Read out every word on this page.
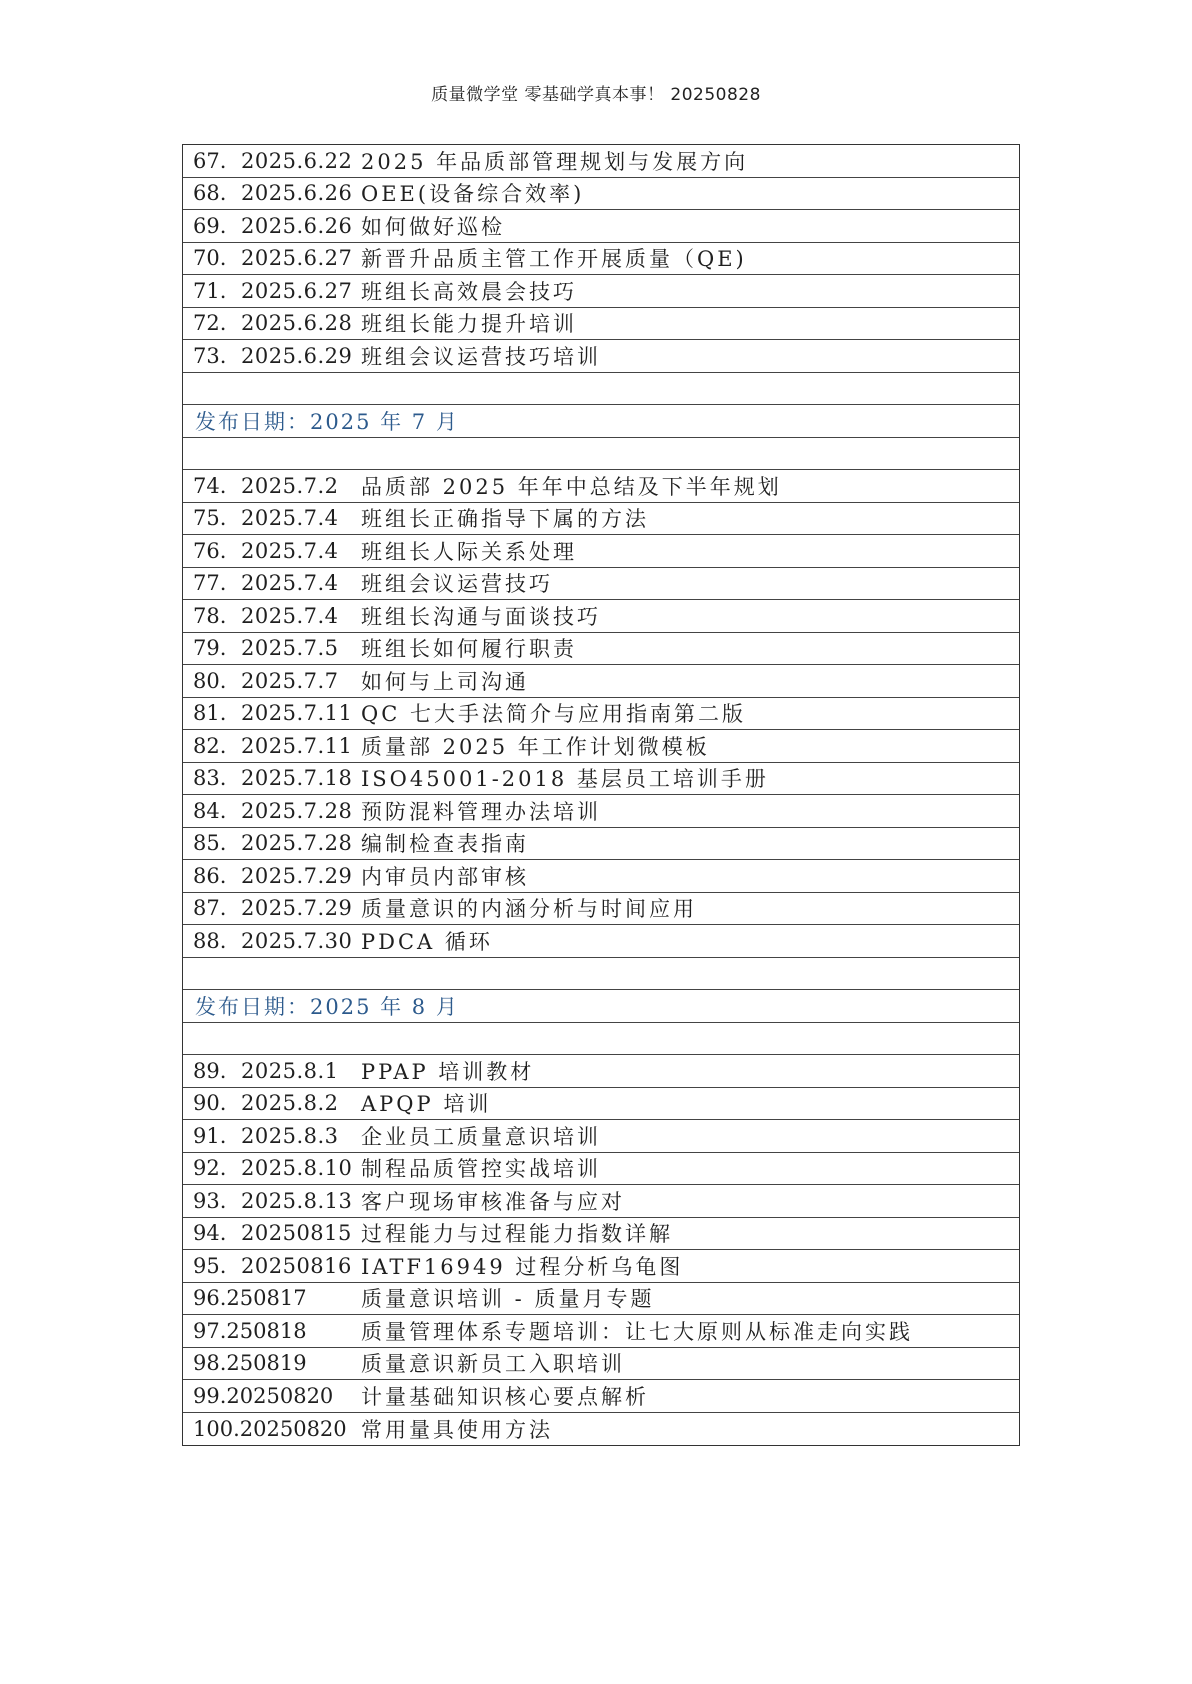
质量微学堂 零基础学真本事！ 20250828
67. 2025.6.22 2025 年品质部管理规划与发展方向
68. 2025.6.26 OEE(设备综合效率)
69. 2025.6.26 如何做好巡检
70. 2025.6.27 新晋升品质主管工作开展质量（QE)
71. 2025.6.27 班组长高效晨会技巧
72. 2025.6.28 班组长能力提升培训
73. 2025.6.29 班组会议运营技巧培训
发布日期：2025 年 7 月
74. 2025.7.2	品质部 2025 年年中总结及下半年规划
75. 2025.7.4	班组长正确指导下属的方法
76. 2025.7.4	班组长人际关系处理
77. 2025.7.4	班组会议运营技巧
78. 2025.7.4	班组长沟通与面谈技巧
79. 2025.7.5	班组长如何履行职责
80. 2025.7.7	如何与上司沟通
81. 2025.7.11 QC 七大手法简介与应用指南第二版
82. 2025.7.11 质量部 2025 年工作计划微模板
83. 2025.7.18 ISO45001-2018 基层员工培训手册
84. 2025.7.28 预防混料管理办法培训
85. 2025.7.28 编制检查表指南
86. 2025.7.29 内审员内部审核
87. 2025.7.29 质量意识的内涵分析与时间应用
88. 2025.7.30 PDCA 循环
发布日期：2025 年 8 月
89. 2025.8.1	PPAP 培训教材
90. 2025.8.2	APQP 培训
91. 2025.8.3	企业员工质量意识培训
92. 2025.8.10 制程品质管控实战培训
93. 2025.8.13 客户现场审核准备与应对
94. 20250815 过程能力与过程能力指数详解
95. 20250816 IATF16949 过程分析乌龟图
96. 250817	质量意识培训 - 质量月专题
97. 250818	质量管理体系专题培训：让七大原则从标准走向实践
98. 250819	质量意识新员工入职培训
99. 20250820 计量基础知识核心要点解析
100. 20250820 常用量具使用方法
